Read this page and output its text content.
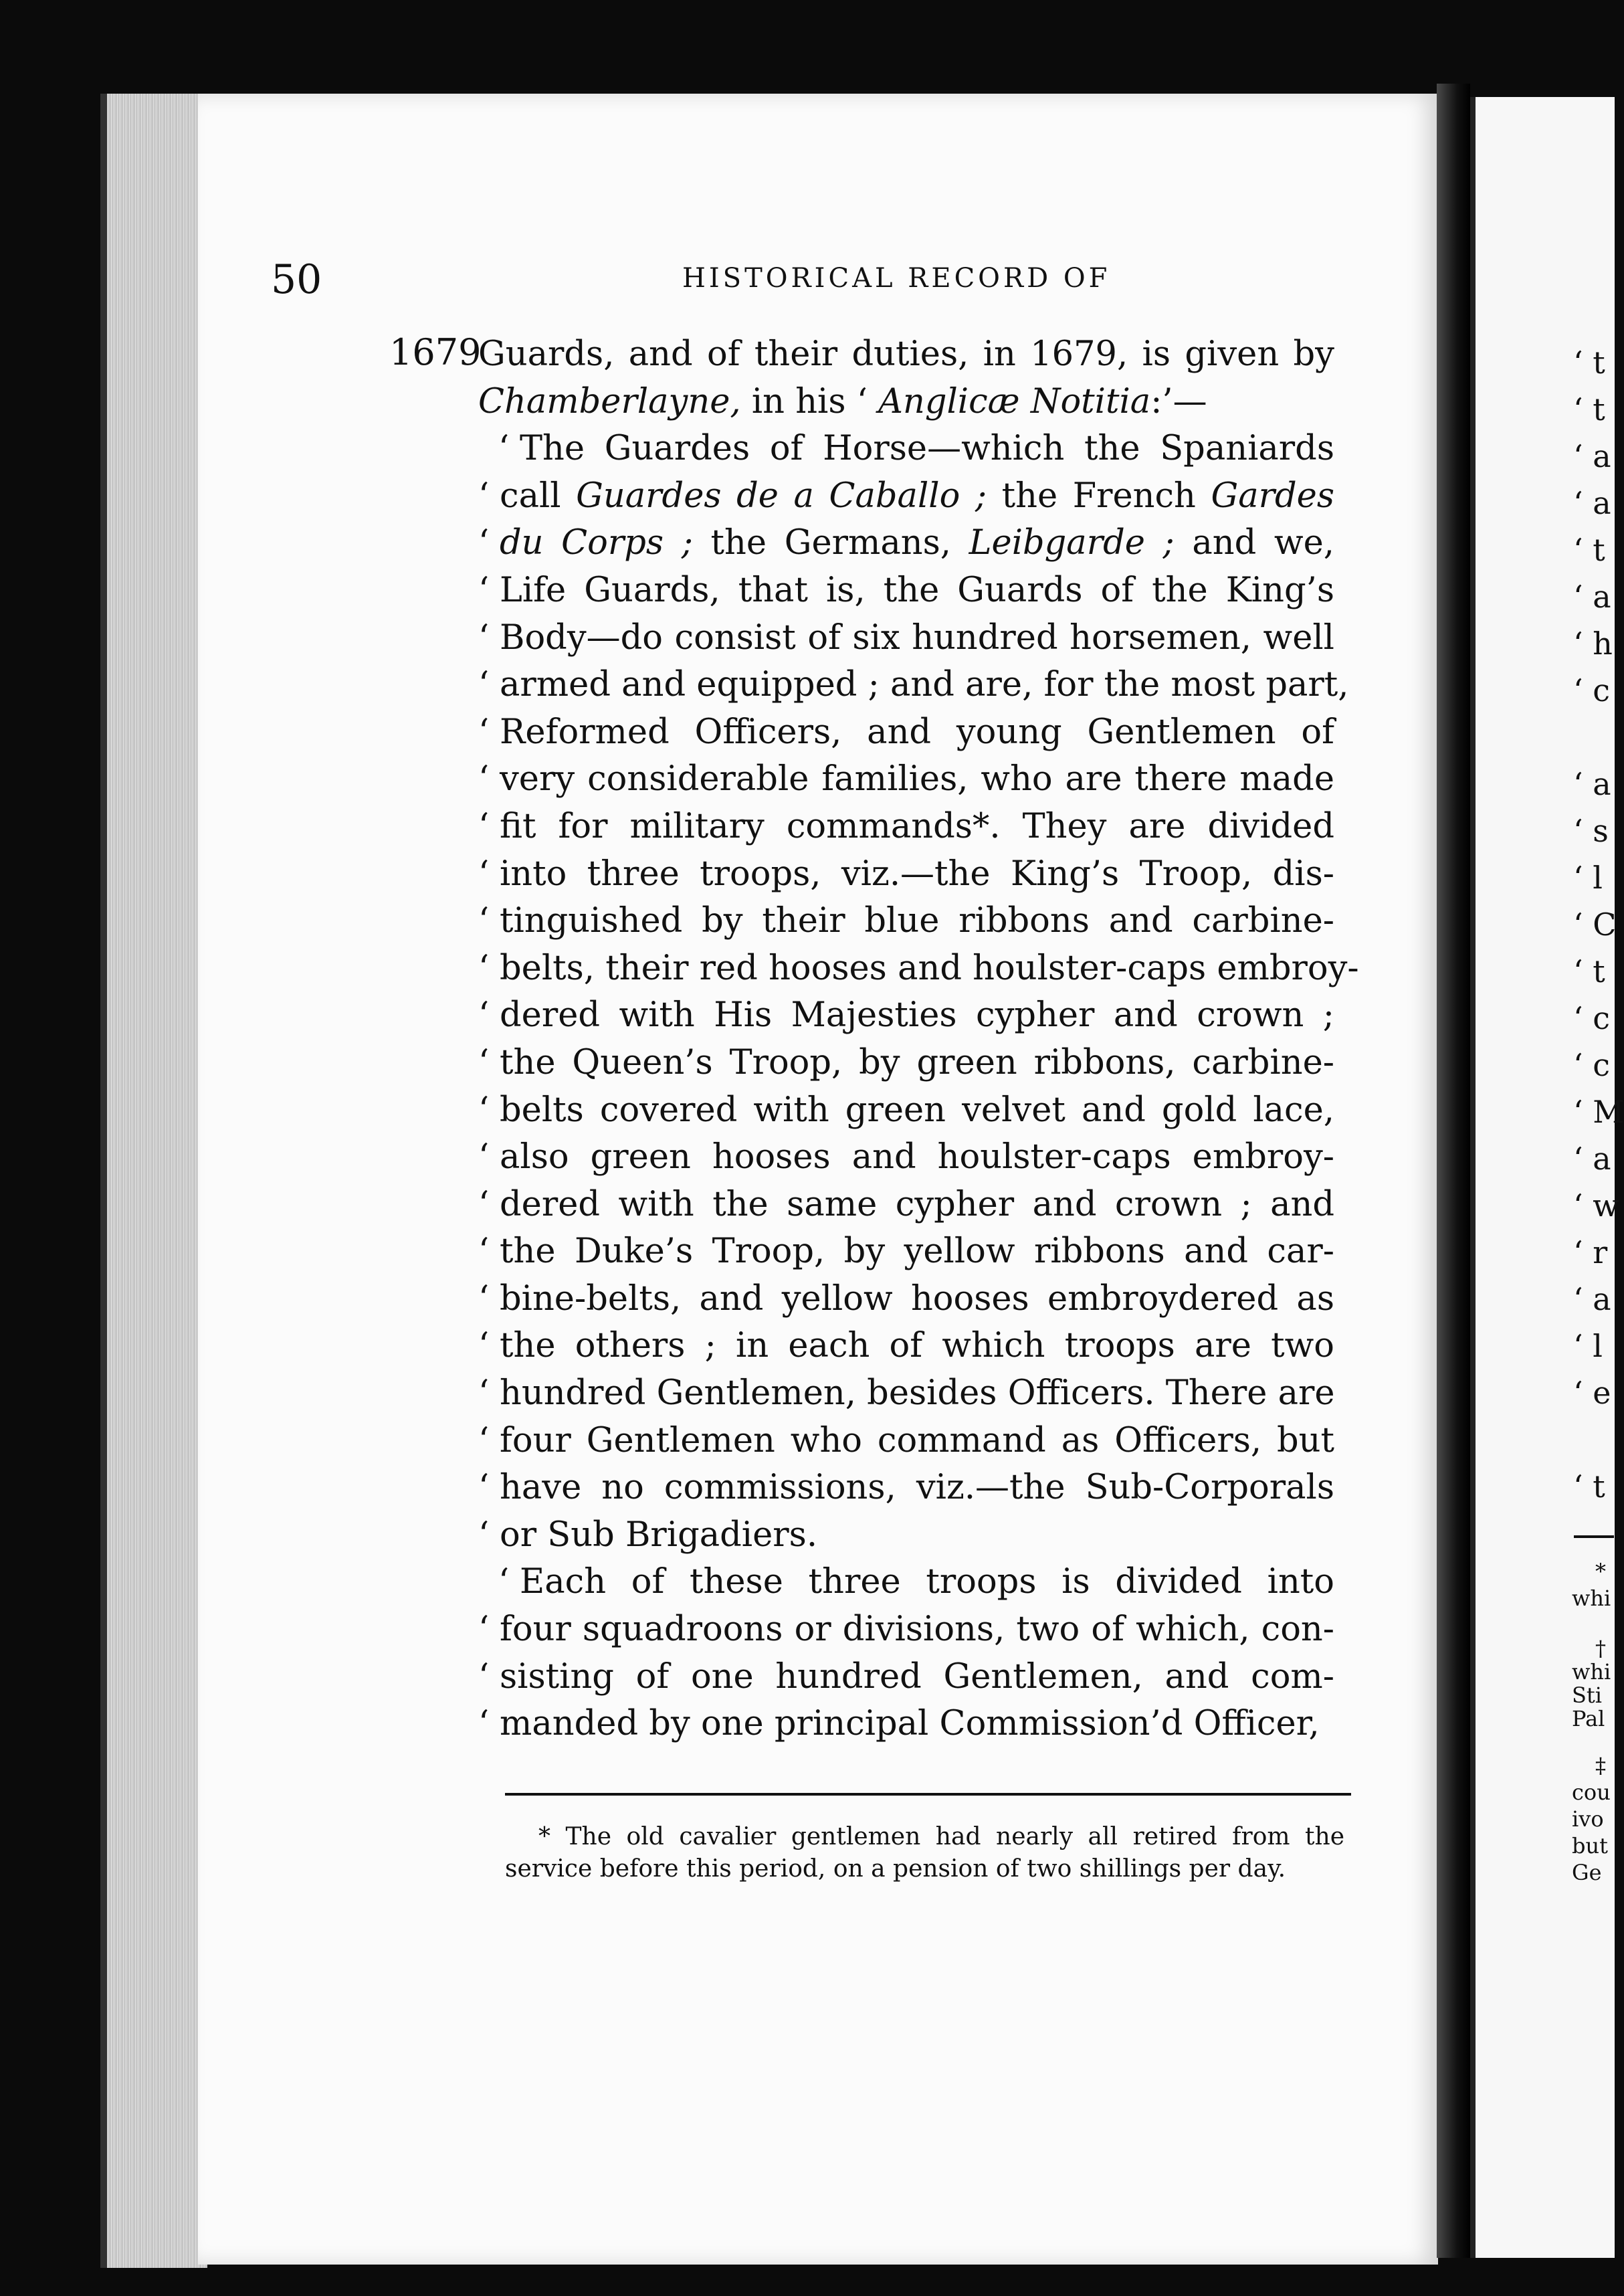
50	HISTORICAL RECORD OF
1679
Guards, and of their duties, in 1679, is given by
Chamberlayne, in his ‘ Anglicæ Notitia:’—
‘ The Guardes of Horse—which the Spaniards
‘ call Guardes de a Caballo ; the French Gardes
‘ du Corps ; the Germans, Leibgarde ; and we,
‘ Life Guards, that is, the Guards of the King’s
‘ Body—do consist of six hundred horsemen, well
‘ armed and equipped ; and are, for the most part,
‘ Reformed Officers, and young Gentlemen of
‘ very considerable families, who are there made
‘ fit for military commands*. They are divided
‘ into three troops, viz.—the King’s Troop, dis-
‘ tinguished by their blue ribbons and carbine-
‘ belts, their red hooses and houlster-caps embroy-
‘ dered with His Majesties cypher and crown ;
‘ the Queen’s Troop, by green ribbons, carbine-
‘ belts covered with green velvet and gold lace,
‘ also green hooses and houlster-caps embroy-
‘ dered with the same cypher and crown ; and
‘ the Duke’s Troop, by yellow ribbons and car-
‘ bine-belts, and yellow hooses embroydered as
‘ the others ; in each of which troops are two
‘ hundred Gentlemen, besides Officers. There are
‘ four Gentlemen who command as Officers, but
‘ have no commissions, viz.—the Sub-Corporals
‘ or Sub Brigadiers.
‘ Each of these three troops is divided into
‘ four squadroons or divisions, two of which, con-
‘ sisting of one hundred Gentlemen, and com-
‘ manded by one principal Commission’d Officer,
* The old cavalier gentlemen had nearly all retired from the
service before this period, on a pension of two shillings per day.
‘ t
‘ t
‘ a
‘ a
‘ t
‘ a
‘ h
‘ c
‘ a
‘ s
‘ l
‘ C
‘ t
‘ c
‘ c
‘ M
‘ a
‘ w
‘ r
‘ a
‘ l
‘ e
‘ t
*
whi
†
whi
Sti
Pal
‡
cou
ivo
but
Ge
